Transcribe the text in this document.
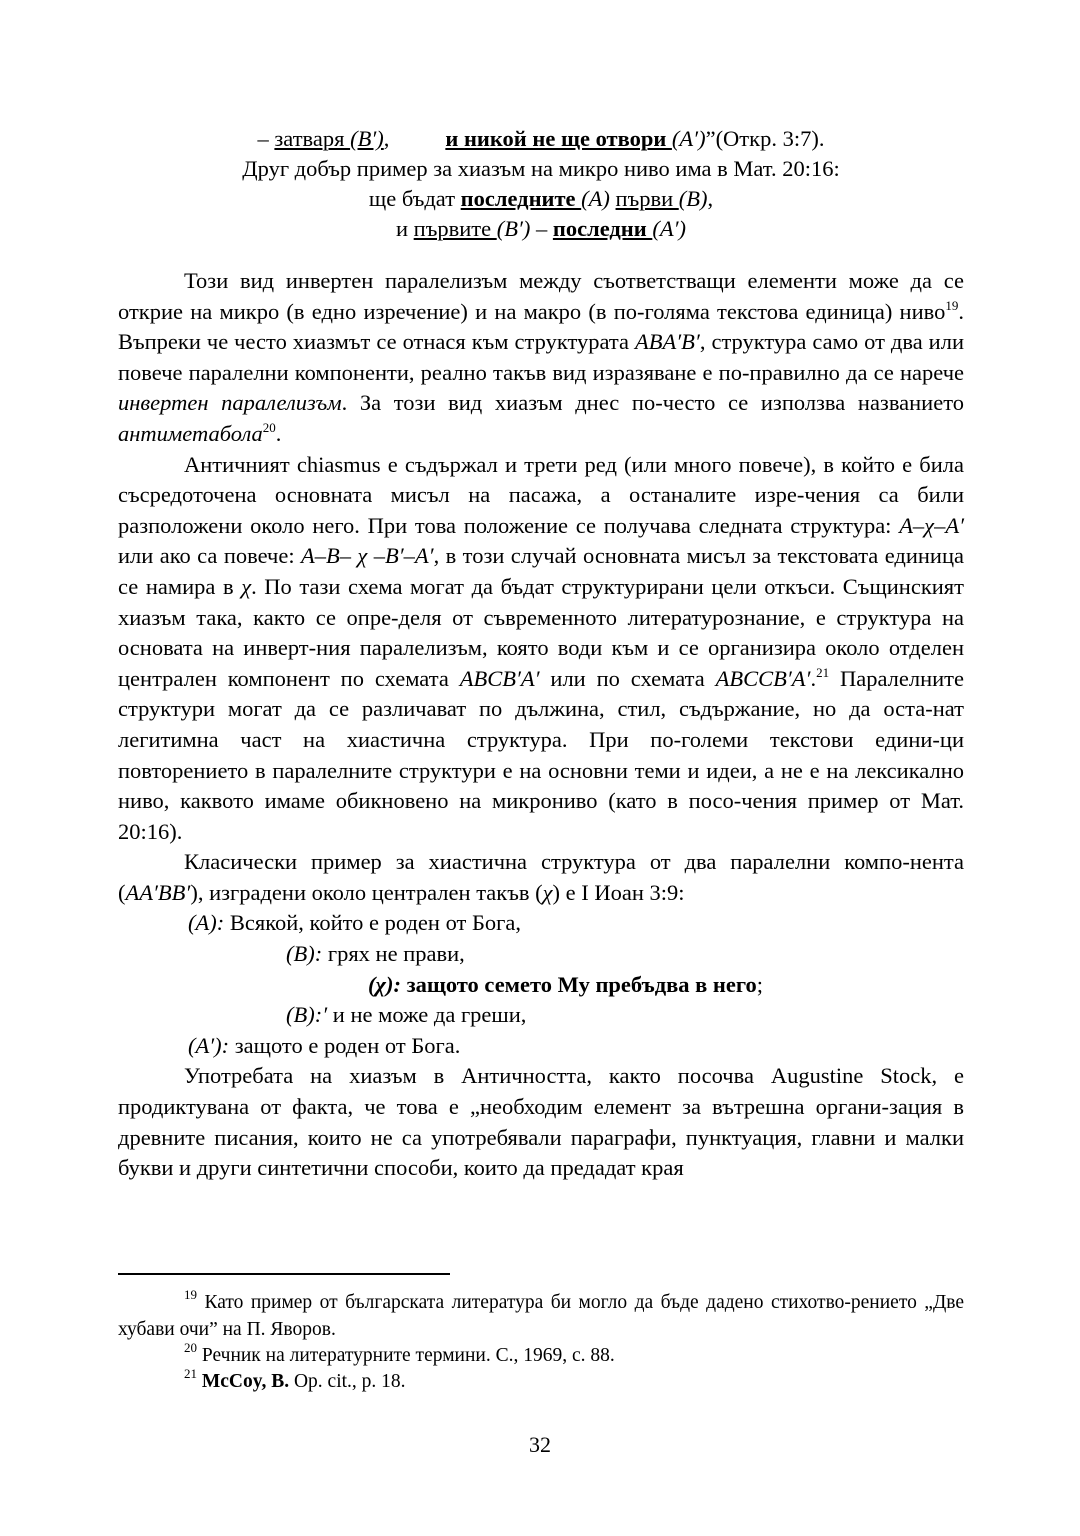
– затваря (B′), и никой не ще отвори (A′)”(Откр. 3:7).
Друг добър пример за хиазъм на микро ниво има в Мат. 20:16:
ще бъдат последните (A) първи (B),
и първите (B′) – последни (A′)

Този вид инвертен паралелизъм между съответстващи елементи може да се открие на микро (в едно изречение) и на макро (в по-голяма текстова единица) ниво$^{19}$. Въпреки че често хиазмът се отнася към структурата ABA′B′, структура само от два или повече паралелни компоненти, реално такъв вид изразяване е по-правилно да се нарече инвертен паралелизъм. За този вид хиазъм днес по-често се използва названието антиметабола$^{20}$.

Античният chiasmus е съдържал и трети ред (или много повече), в който е била съсредоточена основната мисъл на пасажа, а останалите изре-чения са били разположени около него. При това положение се получава следната структура: A–χ–A′ или ако са повече: A–B– χ –B′–A′, в този случай основната мисъл за текстовата единица се намира в χ. По тази схема могат да бъдат структурирани цели откъси. Същинският хиазъм така, както се опре-деля от съвременното литературознание, е структура на основата на инверт-ния паралелизъм, която води към и се организира около отделен централен компонент по схемата ABCB′A′ или по схемата ABCCB′A′.$^{21}$ Паралелните структури могат да се различават по дължина, стил, съдържание, но да оста-нат легитимна част на хиастична структура. При по-големи текстови едини-ци повторението в паралелните структури е на основни теми и идеи, а не е на лексикално ниво, каквото имаме обикновено на микрониво (като в посо-чения пример от Мат. 20:16).

Класически пример за хиастична структура от два паралелни компо-нента (AA′BB′), изградени около централен такъв (χ) е I Иоан 3:9:

(A): Всякой, който е роден от Бога,
(B): грях не прави,
(χ): защото семето Му пребъдва в него;
(B):′ и не може да греши,
(A′): защото е роден от Бога.

Употребата на хиазъм в Античността, както посочва Augustine Stock, е продиктувана от факта, че това е „необходим елемент за вътрешна органи-зация в древните писания, които не са употребявали параграфи, пунктуация, главни и малки букви и други синтетични способи, които да предадат края

$^{19}$ Като пример от българската литература би могло да бъде дадено стихотво-рението „Две хубави очи” на П. Яворов.

$^{20}$ Речник на литературните термини. С., 1969, с. 88.

$^{21}$ McCoy, B. Op. cit., p. 18.

32
